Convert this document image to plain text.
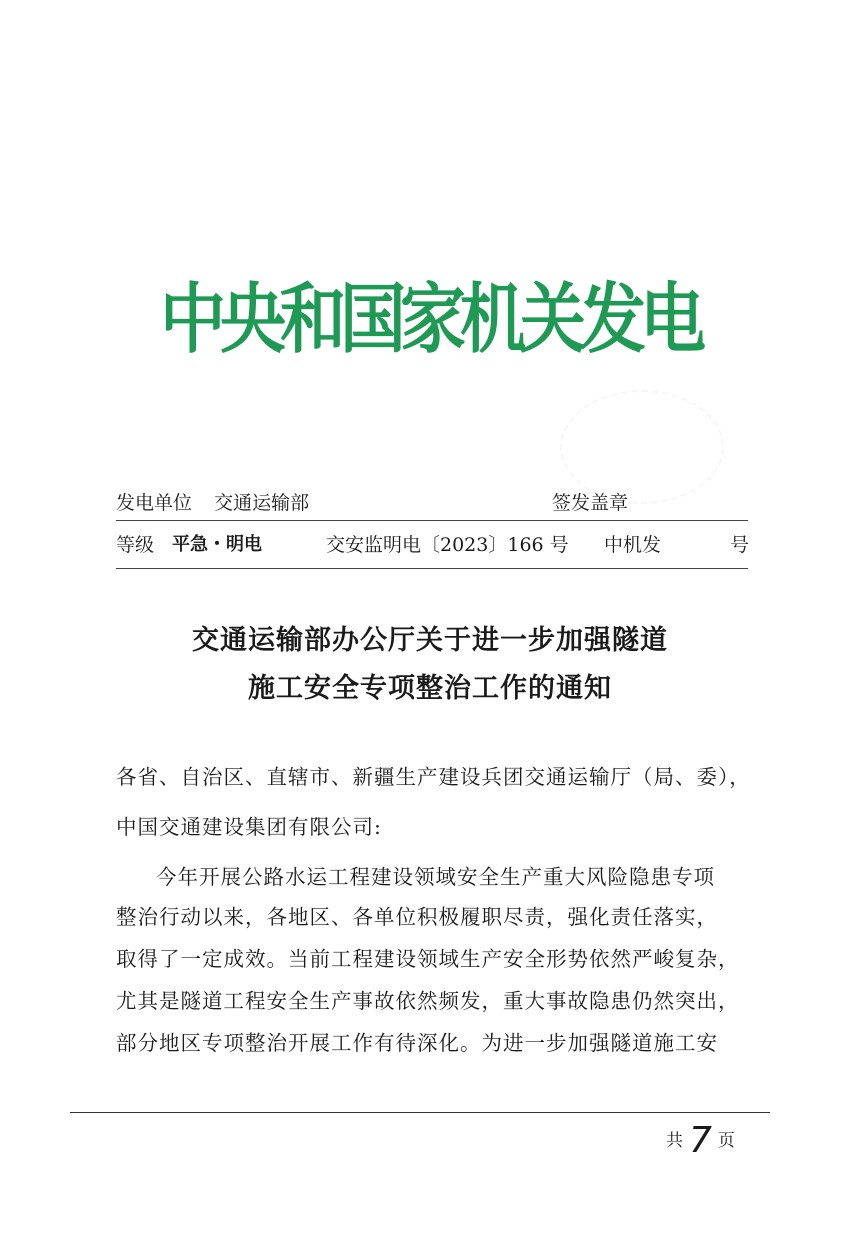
中央和国家机关发电
发电单位 交通运输部	签发盖章
等级 平急・明电	交安监明电〔2023〕166 号 中机发	号
交通运输部办公厅关于进一步加强隧道
施工安全专项整治工作的通知
各省、自治区、直辖市、新疆生产建设兵团交通运输厅（局、委），
中国交通建设集团有限公司:
今年开展公路水运工程建设领域安全生产重大风险隐患专项
整治行动以来，各地区、各单位积极履职尽责，强化责任落实，
取得了一定成效。当前工程建设领域生产安全形势依然严峻复杂，
尤其是隧道工程安全生产事故依然频发，重大事故隐患仍然突出，
部分地区专项整治开展工作有待深化。为进一步加强隧道施工安
共 7 页
